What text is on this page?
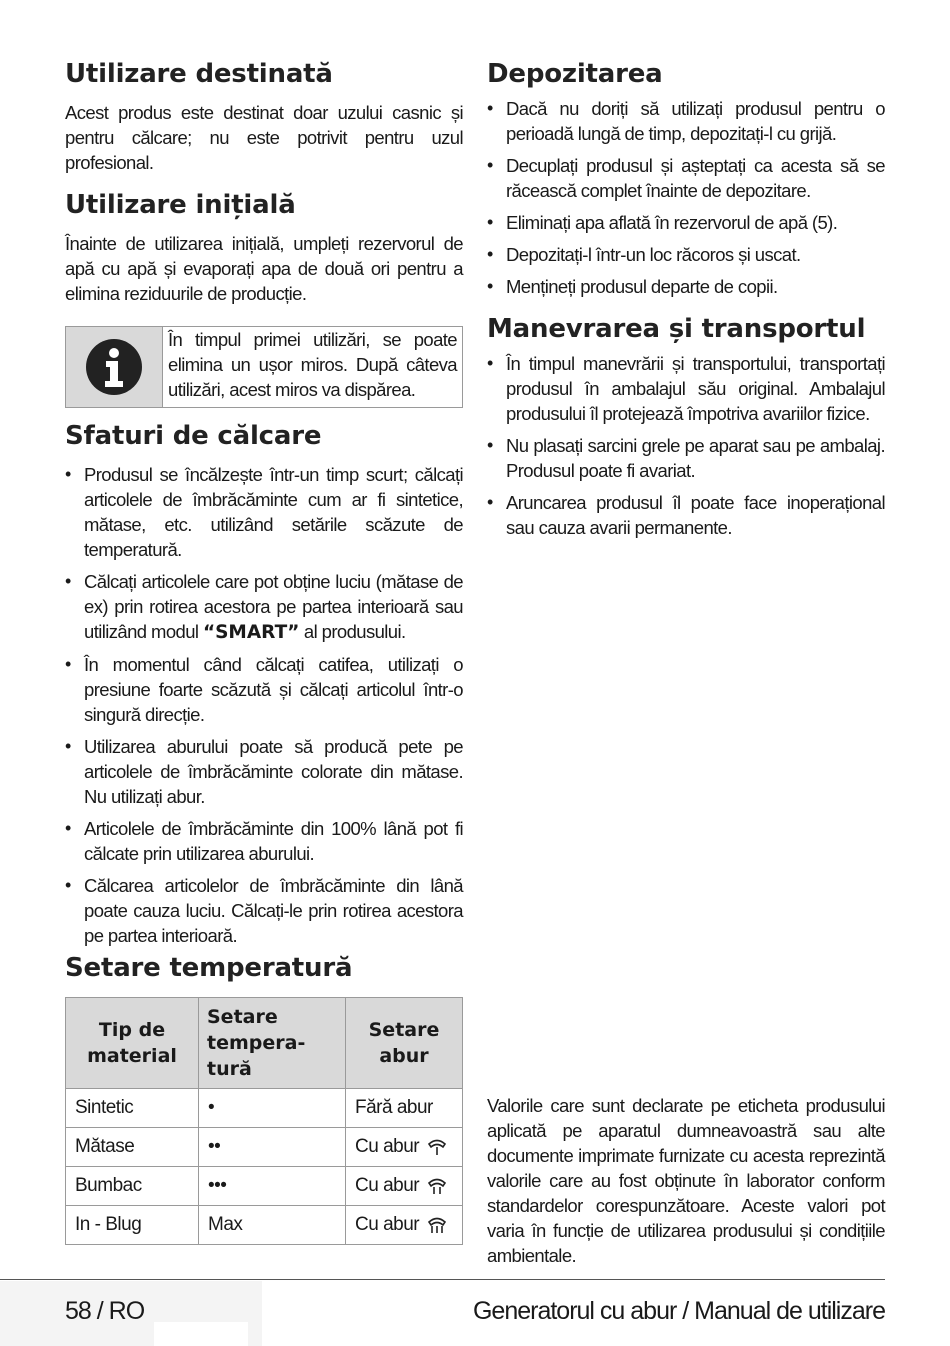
Utilizare destinată

Acest produs este destinat doar uzului casnic și pentru călcare; nu este potrivit pentru uzul profesional.

Utilizare inițială

Înainte de utilizarea inițială, umpleți rezervorul de apă cu apă și evaporați apa de două ori pentru a elimina reziduurile de producție.

În timpul primei utilizări, se poate elimina un ușor miros. După câteva utilizări, acest miros va dispărea.
Sfaturi de călcare
• Produsul se încălzește într-un timp scurt; călcați articolele de îmbrăcăminte cum ar fi sintetice, mătase, etc. utilizând setările scăzute de temperatură.
• Călcați articolele care pot obține luciu (mătase de ex) prin rotirea acestora pe partea interioară sau utilizând modul “SMART” al produsului.
• În momentul când călcați catifea, utilizați o presiune foarte scăzută și călcați articolul într-o singură direcție.
• Utilizarea aburului poate să producă pete pe articolele de îmbrăcăminte colorate din mătase. Nu utilizați abur.
• Articolele de îmbrăcăminte din 100% lână pot fi călcate prin utilizarea aburului.
• Călcarea articolelor de îmbrăcăminte din lână poate cauza luciu. Călcați-le prin rotirea acestora pe partea interioară.
Setare temperatură
Tip de material	Setare tempera-tură	Setare abur
Sintetic	•	Fără abur
Mătase	••	Cu abur
Bumbac	•••	Cu abur
In - Blug	Max	Cu abur
Depozitarea
• Dacă nu doriți să utilizați produsul pentru o perioadă lungă de timp, depozitați-l cu grijă.
• Decuplați produsul și așteptați ca acesta să se răcească complet înainte de depozitare.
• Eliminați apa aflată în rezervorul de apă (5).
• Depozitați-l într-un loc răcoros și uscat.
• Mențineți produsul departe de copii.
Manevrarea și transportul
• În timpul manevrării și transportului, transportați produsul în ambalajul său original. Ambalajul produsului îl protejează împotriva avariilor fizice.
• Nu plasați sarcini grele pe aparat sau pe ambalaj. Produsul poate fi avariat.
• Aruncarea produsul îl poate face inoperațional sau cauza avarii permanente.

Valorile care sunt declarate pe eticheta produsului aplicată pe aparatul dumneavoastră sau alte documente imprimate furnizate cu acesta reprezintă valorile care au fost obținute în laborator conform standardelor corespunzătoare. Aceste valori pot varia în funcție de utilizarea produsului și condițiile ambientale.

58 / RO	Generatorul cu abur / Manual de utilizare
